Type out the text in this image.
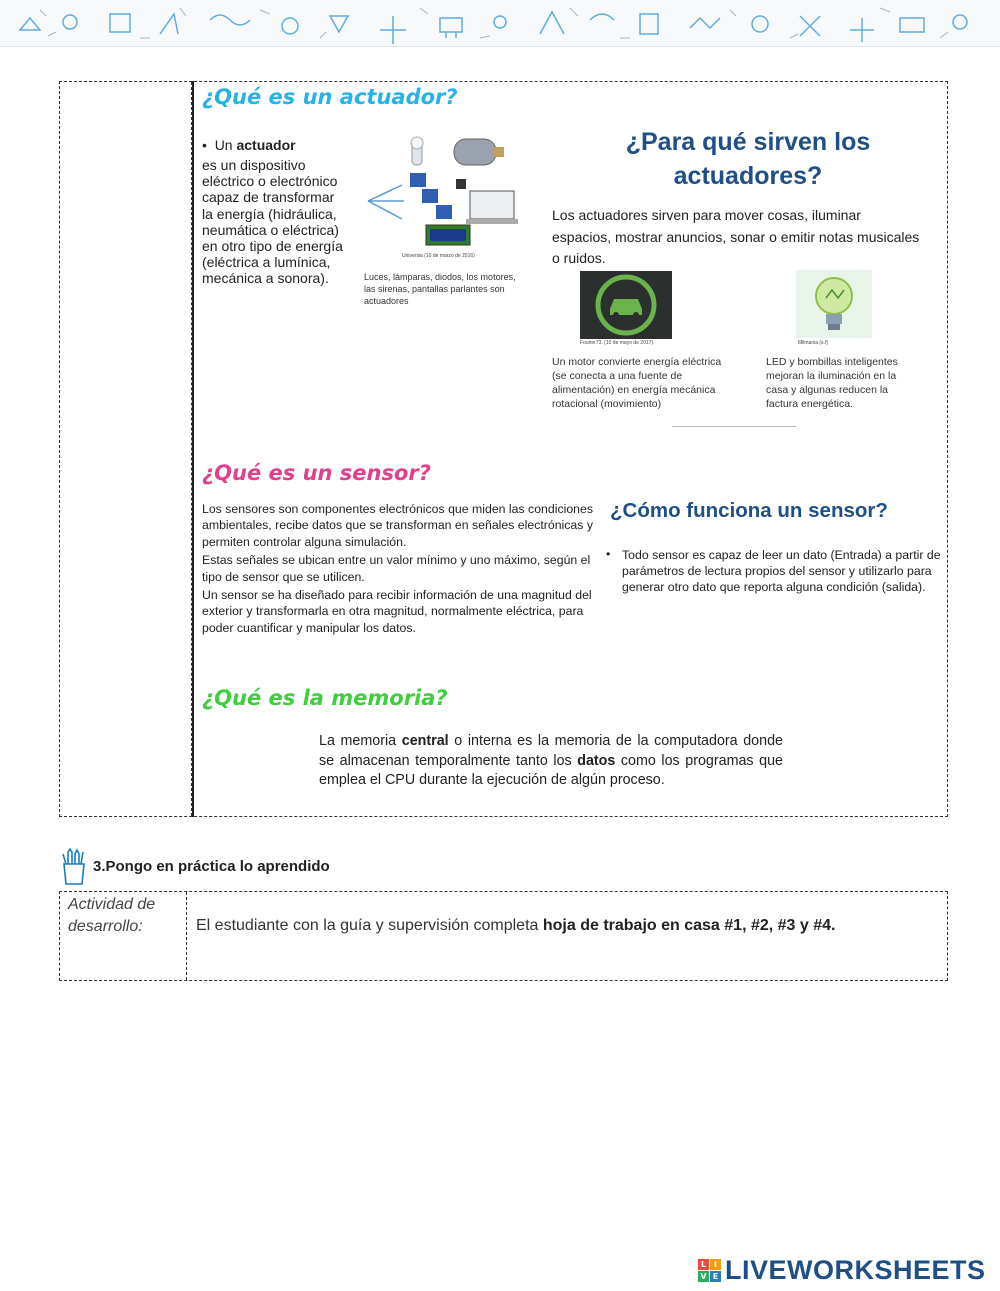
¿Qué es un actuador?
•  Un actuador
es un dispositivo
eléctrico o electrónico
capaz de transformar
la energía (hidráulica,
neumática o eléctrica)
en otro tipo de energía
(eléctrica a lumínica,
mecánica a sonora).
Universia (10 de marzo de 2016)
Luces, lámparas, diodos, los motores, las sirenas, pantallas parlantes son actuadores
¿Para qué sirven los
actuadores?
Los actuadores sirven para mover cosas, iluminar espacios, mostrar anuncios, sonar o emitir notas musicales o ruidos.
Fourier73. (10 de mayo de 2017)
Un motor convierte energía eléctrica (se conecta a una fuente de alimentación) en energía mecánica rotacional (movimiento)
Milmania (s.f)
LED y bombillas inteligentes mejoran la iluminación en la casa y algunas reducen la factura energética.
¿Qué es un sensor?
Los sensores son componentes electrónicos que miden las condiciones ambientales, recibe datos que se transforman en señales electrónicas y permiten controlar alguna simulación.
Estas señales se ubican entre un valor mínimo y uno máximo, según el tipo de sensor que se utilicen.
Un sensor se ha diseñado para recibir información de una magnitud del exterior y transformarla en otra magnitud, normalmente eléctrica, para poder cuantificar y manipular los datos.
¿Cómo funciona un sensor?
• Todo sensor es capaz de leer un dato (Entrada) a partir de parámetros de lectura propios del sensor y utilizarlo para generar otro dato que reporta alguna condición (salida).
¿Qué es la memoria?
La memoria central o interna es la memoria de la computadora donde se almacenan temporalmente tanto los datos como los programas que emplea el CPU durante la ejecución de algún proceso.
3.Pongo en práctica lo aprendido
Actividad de desarrollo:	El estudiante con la guía y supervisión completa hoja de trabajo en casa #1, #2, #3 y #4.
L I
V E LIVEWORKSHEETS
